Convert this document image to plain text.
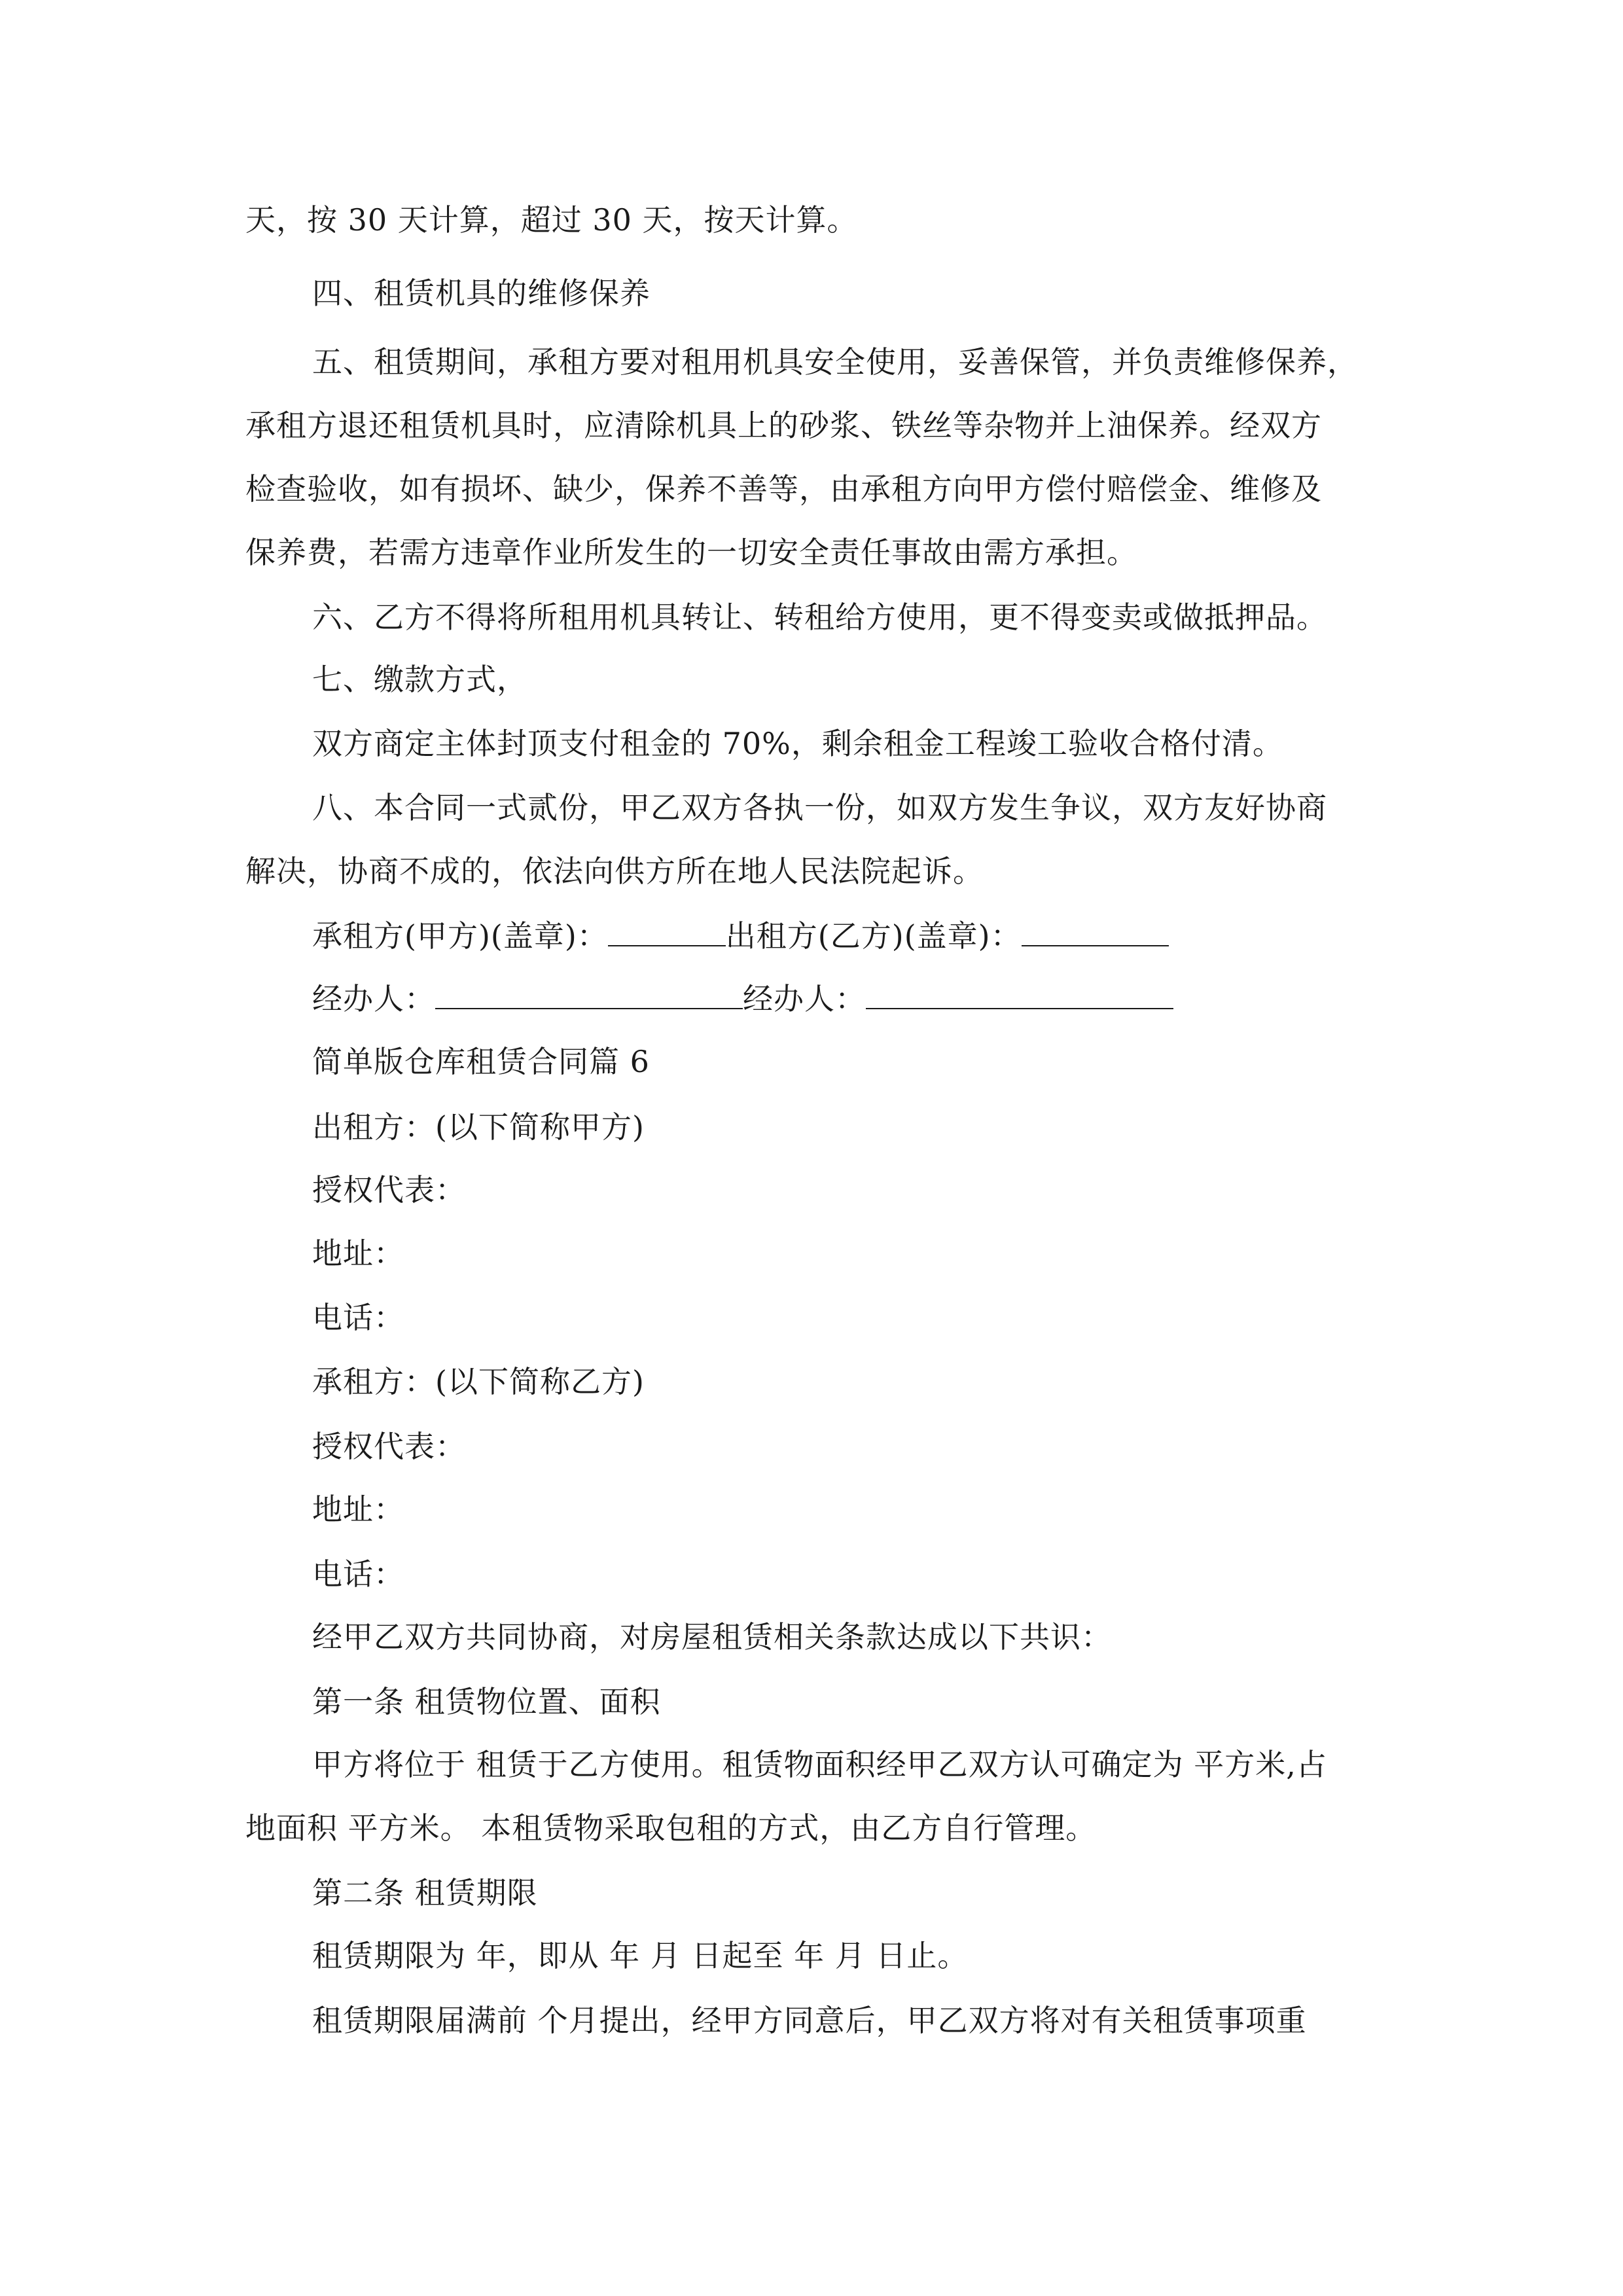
天，按 30 天计算，超过 30 天，按天计算。
四、租赁机具的维修保养
五、租赁期间，承租方要对租用机具安全使用，妥善保管，并负责维修保养，
承租方退还租赁机具时，应清除机具上的砂浆、铁丝等杂物并上油保养。经双方
检查验收，如有损坏、缺少，保养不善等，由承租方向甲方偿付赔偿金、维修及
保养费，若需方违章作业所发生的一切安全责任事故由需方承担。
六、乙方不得将所租用机具转让、转租给方使用，更不得变卖或做抵押品。
七、缴款方式，
双方商定主体封顶支付租金的 70%，剩余租金工程竣工验收合格付清。
八、本合同一式贰份，甲乙双方各执一份，如双方发生争议，双方友好协商
解决，协商不成的，依法向供方所在地人民法院起诉。
承租方(甲方)(盖章)：	出租方(乙方)(盖章)：
经办人：	经办人：
简单版仓库租赁合同篇 6
出租方：(以下简称甲方)
授权代表：
地址：
电话：
承租方：(以下简称乙方)
授权代表：
地址：
电话：
经甲乙双方共同协商，对房屋租赁相关条款达成以下共识：
第一条 租赁物位置、面积
甲方将位于 租赁于乙方使用。租赁物面积经甲乙双方认可确定为 平方米,占
地面积 平方米。 本租赁物采取包租的方式，由乙方自行管理。
第二条 租赁期限
租赁期限为 年，即从 年 月 日起至 年 月 日止。
租赁期限届满前 个月提出，经甲方同意后，甲乙双方将对有关租赁事项重
